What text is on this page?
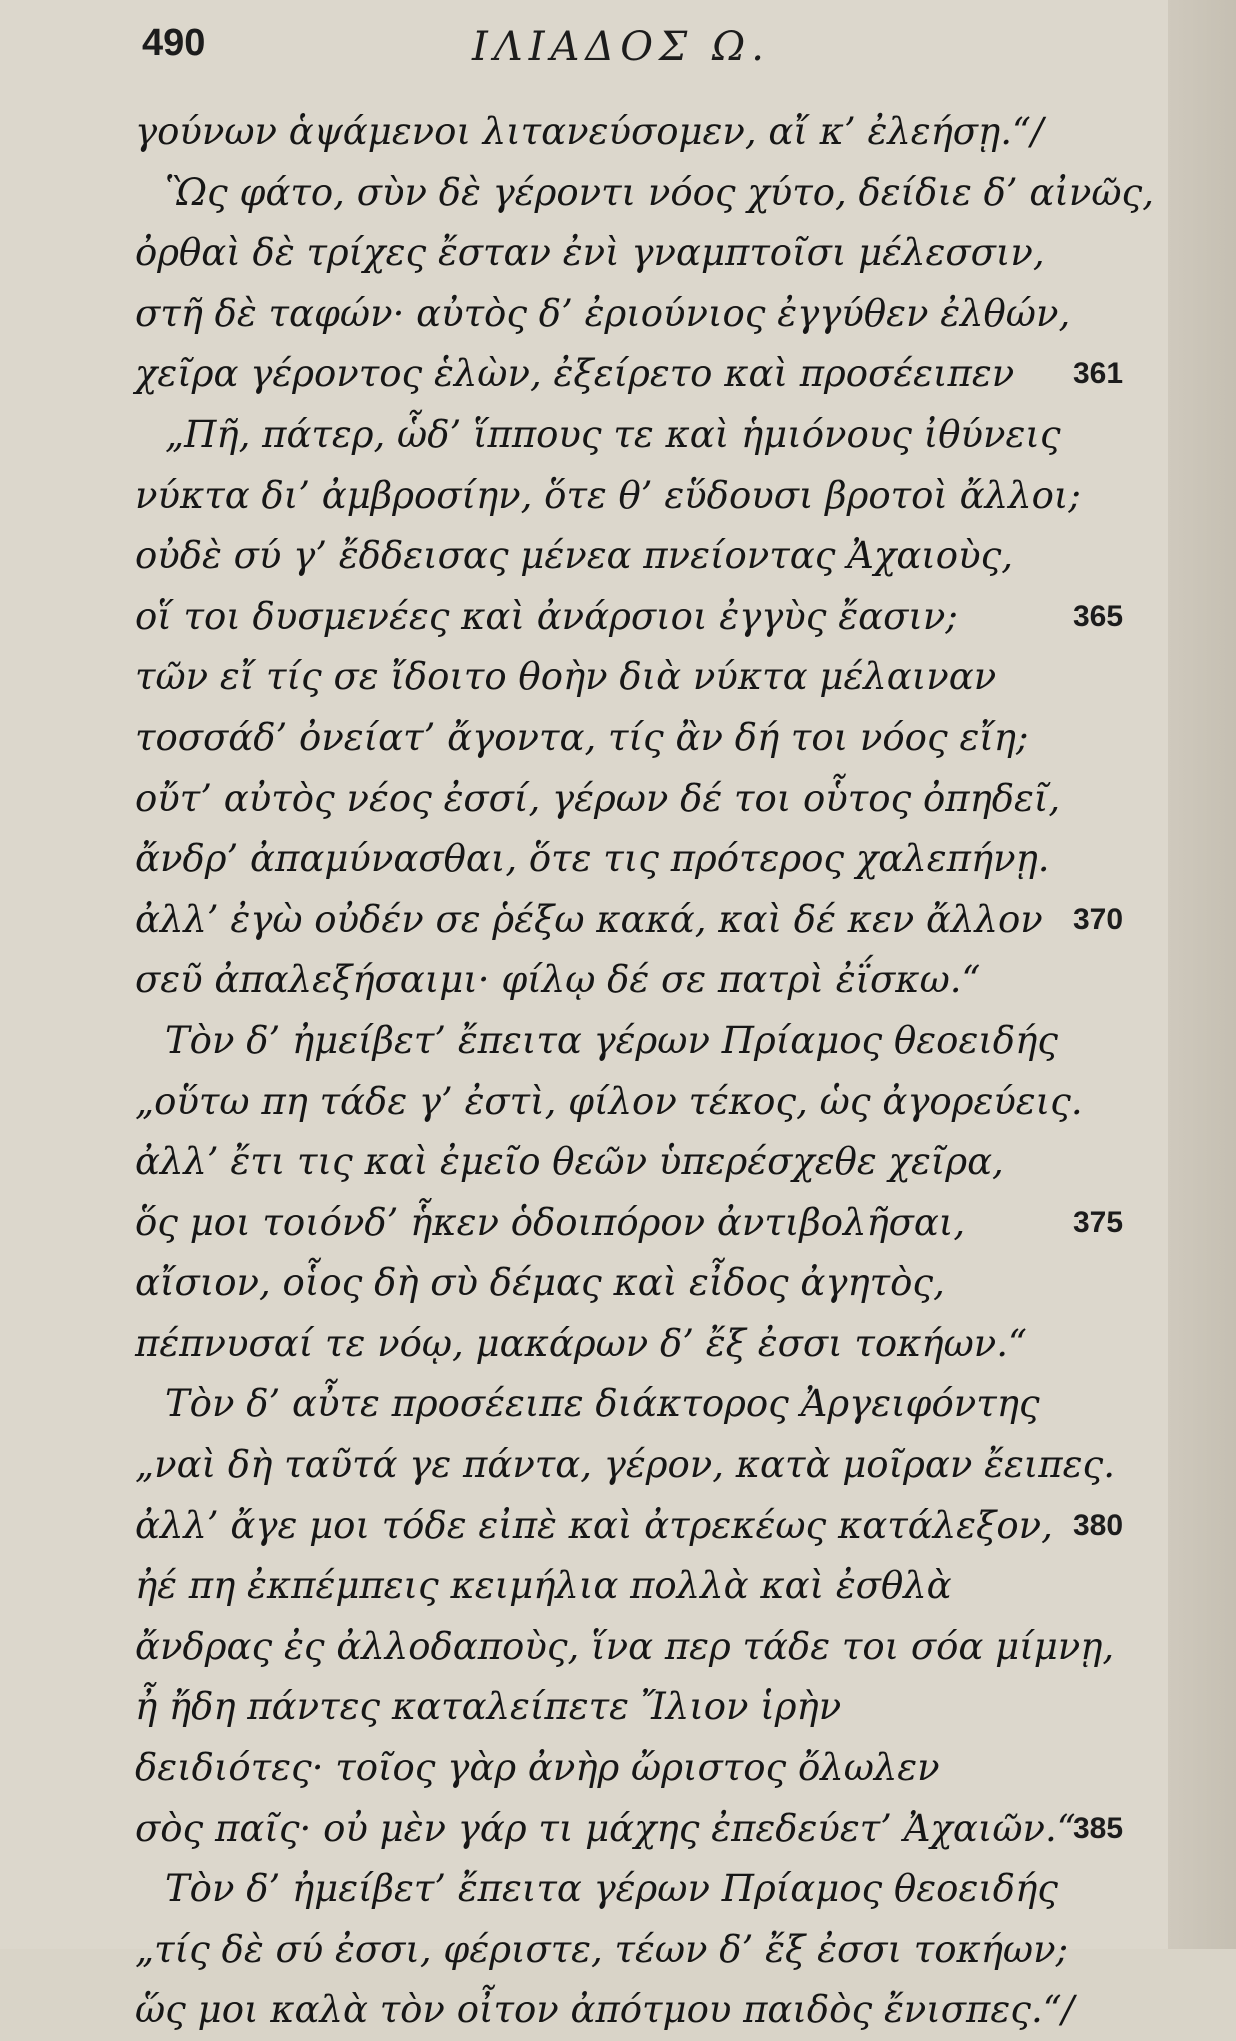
490	ΙΛΙΑΔΟΣ Ω.
γούνων ἁψάμενοι λιτανεύσομεν, αἴ κ’ ἐλεήσῃ.“/
Ὣς φάτο, σὺν δὲ γέροντι νόος χύτο, δείδιε δ’ αἰνῶς,
ὀρθαὶ δὲ τρίχες ἔσταν ἐνὶ γναμπτοῖσι μέλεσσιν,
στῆ δὲ ταφών· αὐτὸς δ’ ἐριούνιος ἐγγύθεν ἐλθών,
χεῖρα γέροντος ἑλὼν, ἐξείρετο καὶ προσέειπεν 361
„Πῆ, πάτερ, ὧδ’ ἵππους τε καὶ ἡμιόνους ἰθύνεις
νύκτα δι’ ἀμβροσίην, ὅτε θ’ εὕδουσι βροτοὶ ἄλλοι;
οὐδὲ σύ γ’ ἔδδεισας μένεα πνείοντας Ἀχαιοὺς,
οἵ τοι δυσμενέες καὶ ἀνάρσιοι ἐγγὺς ἔασιν;	365
τῶν εἴ τίς σε ἴδοιτο θοὴν διὰ νύκτα μέλαιναν
τοσσάδ’ ὀνείατ’ ἄγοντα, τίς ἂν δή τοι νόος εἴη;
οὔτ’ αὐτὸς νέος ἐσσί, γέρων δέ τοι οὗτος ὀπηδεῖ,
ἄνδρ’ ἀπαμύνασθαι, ὅτε τις πρότερος χαλεπήνῃ.
ἀλλ’ ἐγὼ οὐδέν σε ῥέξω κακά, καὶ δέ κεν ἄλλον 370
σεῦ ἀπαλεξήσαιμι· φίλῳ δέ σε πατρὶ ἐΐσκω.“
Τὸν δ’ ἠμείβετ’ ἔπειτα γέρων Πρίαμος θεοειδής
„οὕτω πη τάδε γ’ ἐστὶ, φίλον τέκος, ὡς ἀγορεύεις.
ἀλλ’ ἔτι τις καὶ ἐμεῖο θεῶν ὑπερέσχεθε χεῖρα,
ὅς μοι τοιόνδ’ ἧκεν ὁδοιπόρον ἀντιβολῆσαι,	375
αἴσιον, οἷος δὴ σὺ δέμας καὶ εἶδος ἀγητὸς,
πέπνυσαί τε νόῳ, μακάρων δ’ ἔξ ἐσσι τοκήων.“
Τὸν δ’ αὖτε προσέειπε διάκτορος Ἀργειφόντης
„ναὶ δὴ ταῦτά γε πάντα, γέρον, κατὰ μοῖραν ἔειπες.
ἀλλ’ ἄγε μοι τόδε εἰπὲ καὶ ἀτρεκέως κατάλεξον, 380
ἠέ πη ἐκπέμπεις κειμήλια πολλὰ καὶ ἐσθλὰ
ἄνδρας ἐς ἀλλοδαποὺς, ἵνα περ τάδε τοι σόα μίμνῃ,
ἦ ἤδη πάντες καταλείπετε Ἴλιον ἱρὴν
δειδιότες· τοῖος γὰρ ἀνὴρ ὤριστος ὄλωλεν
σὸς παῖς· οὐ μὲν γάρ τι μάχης ἐπεδεύετ’ Ἀχαιῶν.“
385
Τὸν δ’ ἠμείβετ’ ἔπειτα γέρων Πρίαμος θεοειδής
„τίς δὲ σύ ἐσσι, φέριστε, τέων δ’ ἔξ ἐσσι τοκήων;
ὥς μοι καλὰ τὸν οἶτον ἀπότμου παιδὸς ἔνισπες.“/
